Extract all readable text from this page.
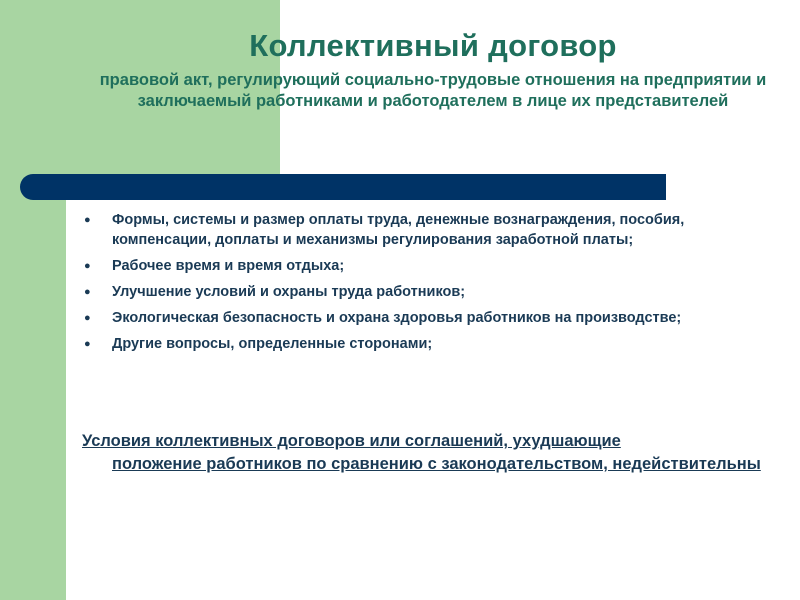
Коллективный договор
правовой акт, регулирующий социально-трудовые отношения на предприятии и заключаемый работниками и работодателем в лице их представителей
● Формы, системы и размер оплаты труда, денежные вознаграждения, пособия, компенсации, доплаты и механизмы регулирования заработной платы;
● Рабочее время и время отдыха;
● Улучшение условий и охраны труда работников;
● Экологическая безопасность и охрана здоровья работников на производстве;
● Другие вопросы, определенные сторонами;
Условия коллективных договоров или соглашений, ухудшающие
положение работников по сравнению с законодательством, недействительны
